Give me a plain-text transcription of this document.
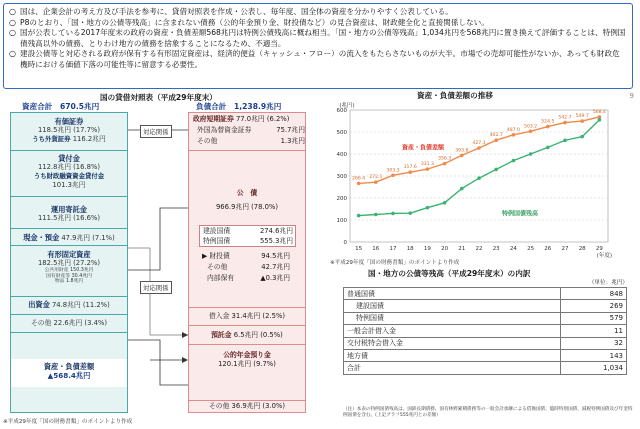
○ 国は、企業会計の考え方及び手法を参考に、貸借対照表を作成・公表し、毎年度、国全体の資産を分かりやすく公表している。
○ P8のとおり、「国・地方の公債等残高」に含まれない債務（公的年金預り金、財投債など）の見合資産は、財政健全化と直接関係しない。
○ 国が公表している2017年度末の政府の資産・負債差額568兆円は特例公債残高に概ね相当。「国・地方の公債等残高」1,034兆円を568兆円に置き換えて評価することは、特例国債残高以外の債務、とりわけ地方の債務を捨象することになるため、不適当。
○ 建設公債等と対応される政府が保有する有形固定資産は、経済的便益（キャッシュ・フロー）の流入をもたらさないものが大半。市場での売却可能性がないか、あっても財政危機時における価値下落の可能性等に留意する必要性。
9
国の貸借対照表（平成29年度末）
資産合計　670.5兆円	負債合計　1,238.9兆円
有価証券
118.5兆円 (17.7%)
うち外貨証券 116.2兆円
貸付金
112.8兆円 (16.8%)
うち財政融資資金貸付金
101.3兆円
運用寄託金
111.5兆円 (16.6%)
現金・預金 47.9兆円 (7.1%)
有形固定資産
182.5兆円 (27.2%)
公共用財産 150.3兆円
国有財産等 30.4兆円
物品 1.8兆円
出資金 74.8兆円 (11.2%)
その他 22.6兆円 (3.4%)
資産・負債差額
▲568.4兆円
政府短期証券 77.0兆円 (6.2%)
外国為替資金証券	75.7兆円
その他	1.3兆円
公　債
966.9兆円 (78.0%)
建設国債	274.6兆円
特例国債	555.3兆円
▶ 財投債	94.5兆円
その他	42.7兆円
内部保有	▲0.3兆円
借入金 31.4兆円 (2.5%)
預託金 6.5兆円 (0.5%)
公的年金預り金
120.1兆円 (9.7%)
その他 36.9兆円 (3.0%)
対応関係
対応関係
資産・負債差額の推移
0
100
200
300
400
500
600
(兆円)
15 16 17 18 19 20 21 22 23 24 25 26 27 28 29
(年度)
266.4 272.1
303.3
317.6
331.3
356.3
393.8
427.3
462.7
487.0
503.2
524.5
542.7 549.7
568.4
資産・負債差額
特例国債残高
※平成29年度「国の財務書類」のポイントより作成
国・地方の公債等残高（平成29年度末）の内訳
（単位：兆円）
普通国債	848
建設国債	269
特例国債	579
一般会計借入金	11
交付税特会借入金	32
地方債	143
合計	1,034
（注）本表の特例国債残高は、国鉄長期債務、国有林野累積債務等の一般会計承継による借換国債、臨時特別国債、減税特例国債及び年金特例国債を含む。(上記グラフ555兆円との差額）
※平成29年度「国の財務書類」のポイントより作成
